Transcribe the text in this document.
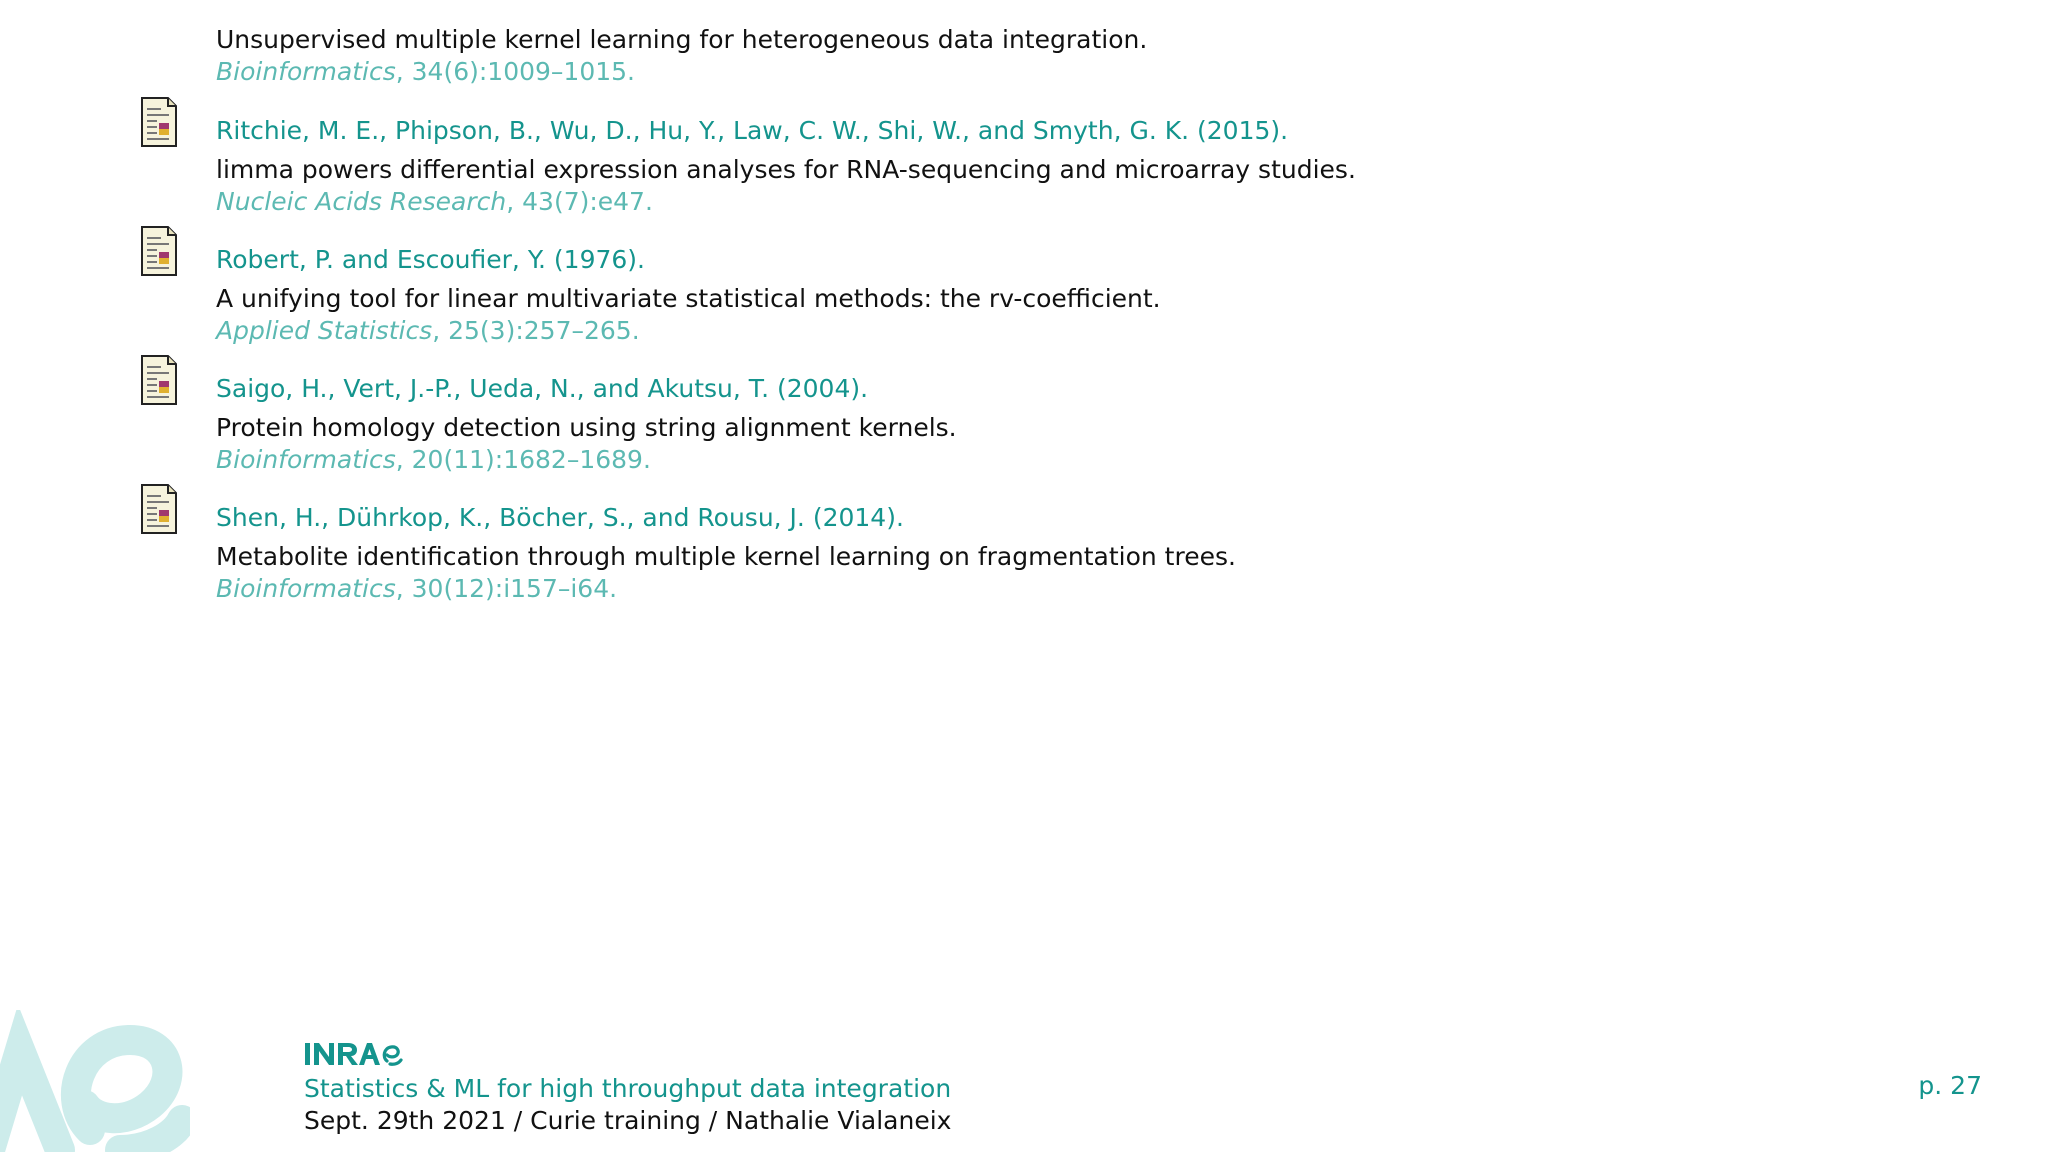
Unsupervised multiple kernel learning for heterogeneous data integration.
Bioinformatics, 34(6):1009–1015.
Ritchie, M. E., Phipson, B., Wu, D., Hu, Y., Law, C. W., Shi, W., and Smyth, G. K. (2015).
limma powers differential expression analyses for RNA-sequencing and microarray studies.
Nucleic Acids Research, 43(7):e47.
Robert, P. and Escoufier, Y. (1976).
A unifying tool for linear multivariate statistical methods: the rv-coefficient.
Applied Statistics, 25(3):257–265.
Saigo, H., Vert, J.-P., Ueda, N., and Akutsu, T. (2004).
Protein homology detection using string alignment kernels.
Bioinformatics, 20(11):1682–1689.
Shen, H., Dührkop, K., Böcher, S., and Rousu, J. (2014).
Metabolite identification through multiple kernel learning on fragmentation trees.
Bioinformatics, 30(12):i157–i64.
Statistics & ML for high throughput data integration
Sept. 29th 2021 / Curie training / Nathalie Vialaneix
p. 27
